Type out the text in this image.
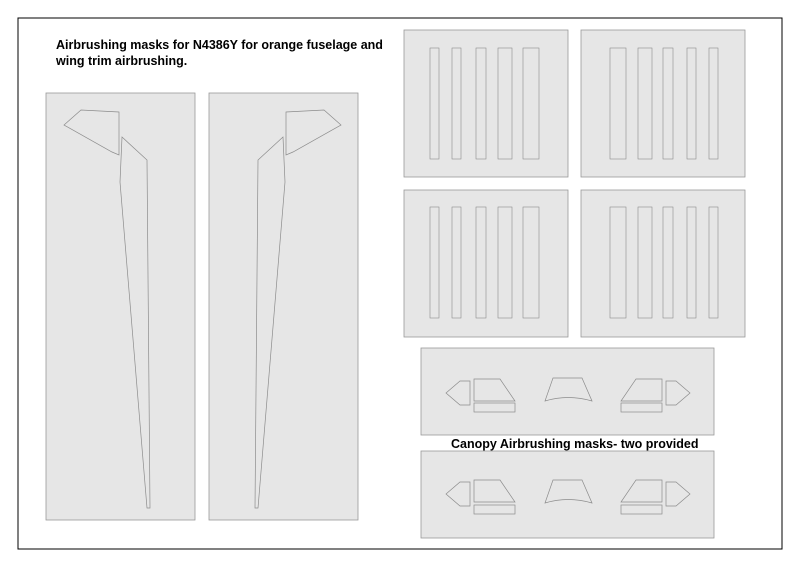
Airbrushing masks for N4386Y for orange fuselage and
wing trim airbrushing.
Canopy Airbrushing masks- two provided
